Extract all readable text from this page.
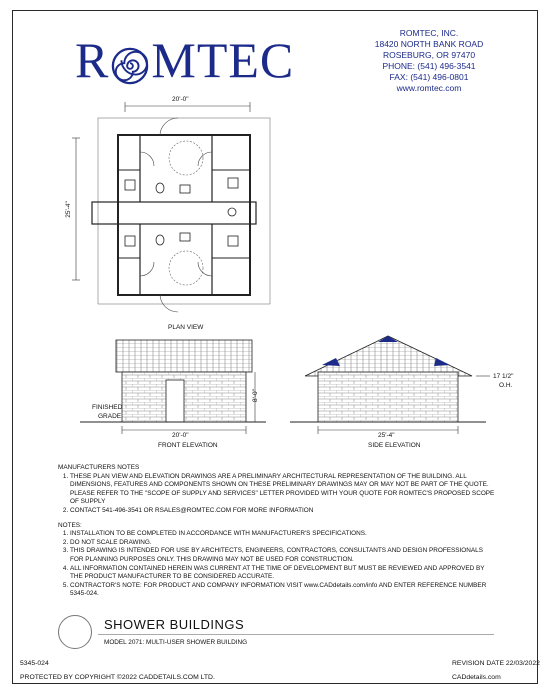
R MTEC	ROMTEC, INC.
18420 NORTH BANK ROAD
ROSEBURG, OR 97470
PHONE: (541) 496-3541
FAX: (541) 496-0801
www.romtec.com
20'-0"
25'-4"
PLAN VIEW
FINISHED
GRADE
8'-0"
20'-0"
FRONT ELEVATION
17 1/2"
O.H.
25'-4"
SIDE ELEVATION
MANUFACTURERS NOTES
1. THESE PLAN VIEW AND ELEVATION DRAWINGS ARE A PRELIMINARY ARCHITECTURAL REPRESENTATION OF THE BUILDING. ALL DIMENSIONS, FEATURES AND COMPONENTS SHOWN ON THESE PRELIMINARY DRAWINGS MAY OR MAY NOT BE PART OF THE QUOTE. PLEASE REFER TO THE "SCOPE OF SUPPLY AND SERVICES" LETTER PROVIDED WITH YOUR QUOTE FOR ROMTEC'S PROPOSED SCOPE OF SUPPLY
2. CONTACT 541-496-3541 OR RSALES@ROMTEC.COM FOR MORE INFORMATION
NOTES:
1. INSTALLATION TO BE COMPLETED IN ACCORDANCE WITH MANUFACTURER'S SPECIFICATIONS.
2. DO NOT SCALE DRAWING.
3. THIS DRAWING IS INTENDED FOR USE BY ARCHITECTS, ENGINEERS, CONTRACTORS, CONSULTANTS AND DESIGN PROFESSIONALS FOR PLANNING PURPOSES ONLY. THIS DRAWING MAY NOT BE USED FOR CONSTRUCTION.
4. ALL INFORMATION CONTAINED HEREIN WAS CURRENT AT THE TIME OF DEVELOPMENT BUT MUST BE REVIEWED AND APPROVED BY THE PRODUCT MANUFACTURER TO BE CONSIDERED ACCURATE.
5. CONTRACTOR'S NOTE: FOR PRODUCT AND COMPANY INFORMATION VISIT www.CADdetails.com/info AND ENTER REFERENCE NUMBER 5345-024.
SHOWER BUILDINGS
MODEL 2071: MULTI-USER SHOWER BUILDING
5345-024	REVISION DATE 22/03/2022
PROTECTED BY COPYRIGHT ©2022 CADDETAILS.COM LTD.	CADdetails.com
